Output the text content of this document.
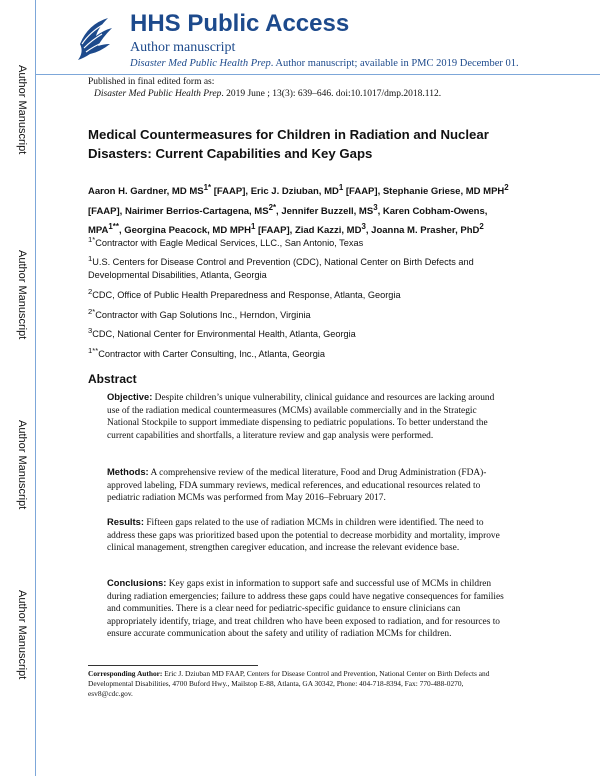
Author Manuscript
Author Manuscript
Author Manuscript
Author Manuscript
HHS Public Access
Author manuscript
Disaster Med Public Health Prep. Author manuscript; available in PMC 2019 December 01.
Published in final edited form as:
Disaster Med Public Health Prep. 2019 June ; 13(3): 639–646. doi:10.1017/dmp.2018.112.
Medical Countermeasures for Children in Radiation and Nuclear Disasters: Current Capabilities and Key Gaps
Aaron H. Gardner, MD $MS^{1*}$ [FAAP], Eric J. Dziuban, $MD^1$ [FAAP], Stephanie Griese, MD MPH$^2$ [FAAP], Nairimer Berrios-Cartagena, $MS^{2*}$, Jennifer Buzzell, $MS^3$, Karen Cobham-Owens, $MPA^{1**}$, Georgina Peacock, MD MPH$^1$ [FAAP], Ziad Kazzi, $MD^3$, Joanna M. Prasher, PhD$^2$
$^{1*}$Contractor with Eagle Medical Services, LLC., San Antonio, Texas
$^1$U.S. Centers for Disease Control and Prevention (CDC), National Center on Birth Defects and Developmental Disabilities, Atlanta, Georgia
$^2$CDC, Office of Public Health Preparedness and Response, Atlanta, Georgia
$^{2*}$Contractor with Gap Solutions Inc., Herndon, Virginia
$^3$CDC, National Center for Environmental Health, Atlanta, Georgia
$^{1**}$Contractor with Carter Consulting, Inc., Atlanta, Georgia
Abstract
Objective: Despite children’s unique vulnerability, clinical guidance and resources are lacking around use of the radiation medical countermeasures (MCMs) available commercially and in the Strategic National Stockpile to support immediate dispensing to pediatric populations. To better understand the current capabilities and shortfalls, a literature review and gap analysis were performed.
Methods: A comprehensive review of the medical literature, Food and Drug Administration (FDA)-approved labeling, FDA summary reviews, medical references, and educational resources related to pediatric radiation MCMs was performed from May 2016–February 2017.
Results: Fifteen gaps related to the use of radiation MCMs in children were identified. The need to address these gaps was prioritized based upon the potential to decrease morbidity and mortality, improve clinical management, strengthen caregiver education, and increase the relevant evidence base.
Conclusions: Key gaps exist in information to support safe and successful use of MCMs in children during radiation emergencies; failure to address these gaps could have negative consequences for families and communities. There is a clear need for pediatric-specific guidance to ensure clinicians can appropriately identify, triage, and treat children who have been exposed to radiation, and for resources to ensure accurate communication about the safety and utility of radiation MCMs for children.
Corresponding Author: Eric J. Dziuban MD FAAP, Centers for Disease Control and Prevention, National Center on Birth Defects and Developmental Disabilities, 4700 Buford Hwy., Mailstop E-88, Atlanta, GA 30342, Phone: 404-718-8394, Fax: 770-488-0270, esv8@cdc.gov.
